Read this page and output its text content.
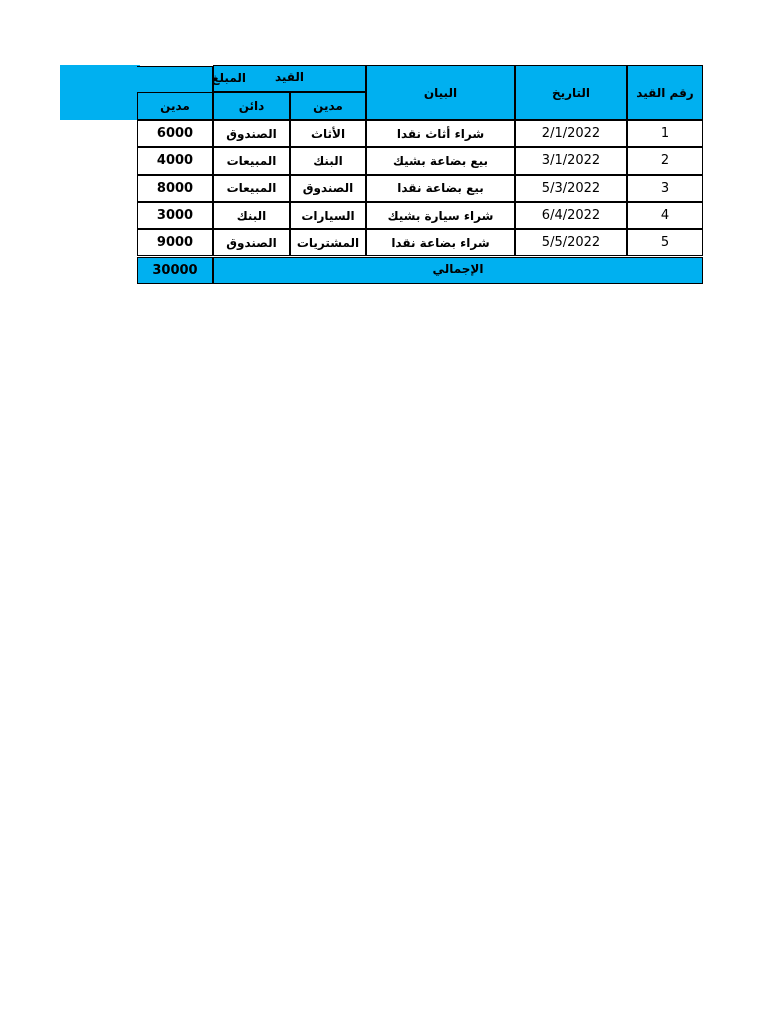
رقم القيد
التاريخ
البيان
القيد
المبلغ
مدين
دائن
مدين
1
2/1/2022
شراء أثاث نقدا
الأثاث
الصندوق
6000
2
3/1/2022
بيع بضاعة بشيك
البنك
المبيعات
4000
3
5/3/2022
بيع بضاعة نقدا
الصندوق
المبيعات
8000
4
6/4/2022
شراء سيارة بشيك
السيارات
البنك
3000
5
5/5/2022
شراء بضاعة نقدا
المشتريات
الصندوق
9000
الإجمالي
30000
